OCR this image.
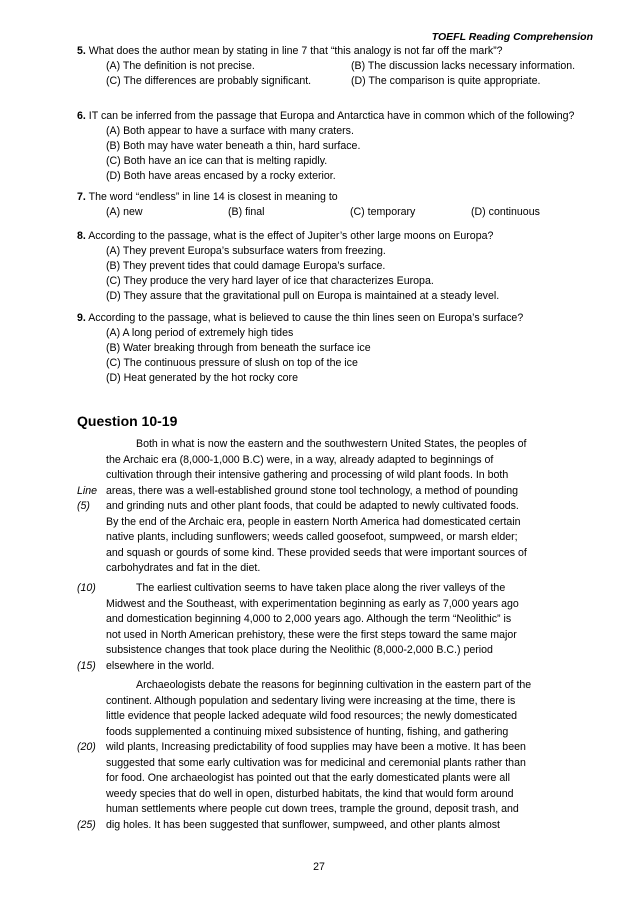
TOEFL Reading Comprehension
5. What does the author mean by stating in line 7 that “this analogy is not far off the mark”?
(A) The definition is not precise.	(B) The discussion lacks necessary information.
(C) The differences are probably significant.	(D) The comparison is quite appropriate.
6. IT can be inferred from the passage that Europa and Antarctica have in common which of the following?
(A) Both appear to have a surface with many craters.
(B) Both may have water beneath a thin, hard surface.
(C) Both have an ice can that is melting rapidly.
(D) Both have areas encased by a rocky exterior.
7. The word “endless” in line 14 is closest in meaning to
(A) new	(B) final	(C) temporary	(D) continuous
8. According to the passage, what is the effect of Jupiter’s other large moons on Europa?
(A) They prevent Europa’s subsurface waters from freezing.
(B) They prevent tides that could damage Europa’s surface.
(C) They produce the very hard layer of ice that characterizes Europa.
(D) They assure that the gravitational pull on Europa is maintained at a steady level.
9. According to the passage, what is believed to cause the thin lines seen on Europa’s surface?
(A) A long period of extremely high tides
(B) Water breaking through from beneath the surface ice
(C) The continuous pressure of slush on top of the ice
(D) Heat generated by the hot rocky core
Question 10-19
Both in what is now the eastern and the southwestern United States, the peoples of
the Archaic era (8,000-1,000 B.C) were, in a way, already adapted to beginnings of
cultivation through their intensive gathering and processing of wild plant foods. In both
Line areas, there was a well-established ground stone tool technology, a method of pounding
(5) and grinding nuts and other plant foods, that could be adapted to newly cultivated foods.
By the end of the Archaic era, people in eastern North America had domesticated certain
native plants, including sunflowers; weeds called goosefoot, sumpweed, or marsh elder;
and squash or gourds of some kind. These provided seeds that were important sources of
carbohydrates and fat in the diet.
(10)	The earliest cultivation seems to have taken place along the river valleys of the
Midwest and the Southeast, with experimentation beginning as early as 7,000 years ago
and domestication beginning 4,000 to 2,000 years ago. Although the term “Neolithic” is
not used in North American prehistory, these were the first steps toward the same major
subsistence changes that took place during the Neolithic (8,000-2,000 B.C.) period
(15) elsewhere in the world.
Archaeologists debate the reasons for beginning cultivation in the eastern part of the
continent. Although population and sedentary living were increasing at the time, there is
little evidence that people lacked adequate wild food resources; the newly domesticated
foods supplemented a continuing mixed subsistence of hunting, fishing, and gathering
(20) wild plants, Increasing predictability of food supplies may have been a motive. It has been
suggested that some early cultivation was for medicinal and ceremonial plants rather than
for food. One archaeologist has pointed out that the early domesticated plants were all
weedy species that do well in open, disturbed habitats, the kind that would form around
human settlements where people cut down trees, trample the ground, deposit trash, and
(25) dig holes. It has been suggested that sunflower, sumpweed, and other plants almost
27
